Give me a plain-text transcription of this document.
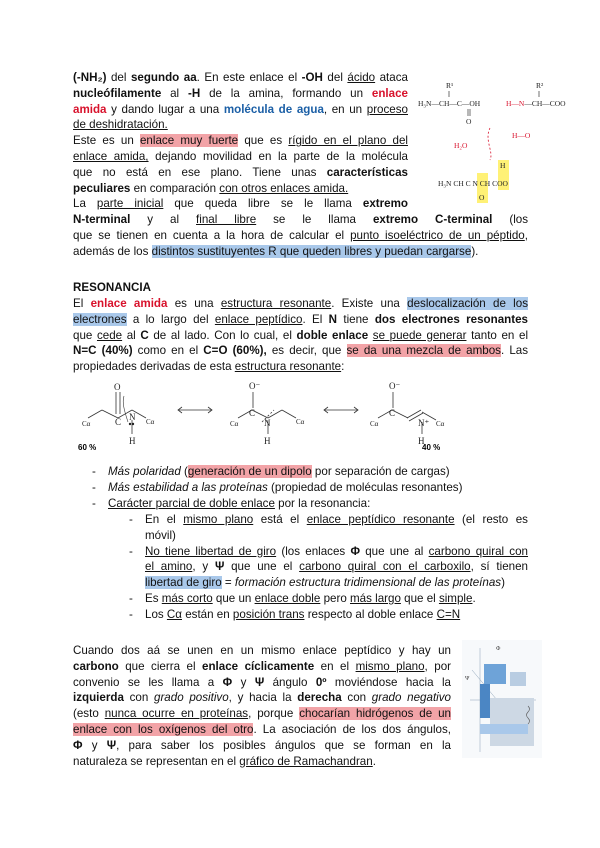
(-NH₂) del segundo aa. En este enlace el -OH del ácido ataca
nucleófilamente al -H de la amina, formando un enlace
amida y dando lugar a una molécula de agua, en un proceso
de deshidratación.
Este es un enlace muy fuerte que es rígido en el plano del
enlace amida, dejando movilidad en la parte de la molécula
que no está en ese plano. Tiene unas características
peculiares en comparación con otros enlaces amida.
La parte inicial que queda libre se le llama extremo
N-terminal y al final libre se le llama extremo C-terminal (los
que se tienen en cuenta a la hora de calcular el punto isoeléctrico de un péptido,
además de los distintos sustituyentes R que queden libres y puedan cargarse).
R¹	R²
H₃N—CH—C—OH	H—N—CH—COO
O
H₂O
H—O
H
H₃N CH C N CH COO
O
RESONANCIA
El enlace amida es una estructura resonante. Existe una deslocalización de los
electrones a lo largo del enlace peptídico. El N tiene dos electrones resonantes
que cede al C de al lado. Con lo cual, el doble enlace se puede generar tanto en el
N=C (40%) como en el C=O (60%), es decir, que se da una mezcla de ambos. Las
propiedades derivadas de esta estructura resonante:
O
C N
H
Cα	Cα
O⁻
C
N
H
Cα	Cα
O⁻
C
N⁺
H
Cα	Cα
60 %	40 %
- Más polaridad (generación de un dipolo por separación de cargas)
- Más estabilidad a las proteínas (propiedad de moléculas resonantes)
- Carácter parcial de doble enlace por la resonancia:
- En el mismo plano está el enlace peptídico resonante (el resto es
móvil)
- No tiene libertad de giro (los enlaces Φ que une al carbono quiral con
el amino, y Ψ que une el carbono quiral con el carboxilo, sí tienen
libertad de giro = formación estructura tridimensional de las proteínas)
- Es más corto que un enlace doble pero más largo que el simple.
- Los Cα están en posición trans respecto al doble enlace C=N
Cuando dos aá se unen en un mismo enlace peptídico y hay un
carbono que cierra el enlace cíclicamente en el mismo plano, por
convenio se les llama a Φ y Ψ ángulo 0º moviéndose hacia la
izquierda con grado positivo, y hacia la derecha con grado negativo
(esto nunca ocurre en proteínas, porque chocarían hidrógenos de un
enlace con los oxígenos del otro. La asociación de los dos ángulos,
Φ y Ψ, para saber los posibles ángulos que se forman en la
naturaleza se representan en el gráfico de Ramachandran.
Φ
Ψ
